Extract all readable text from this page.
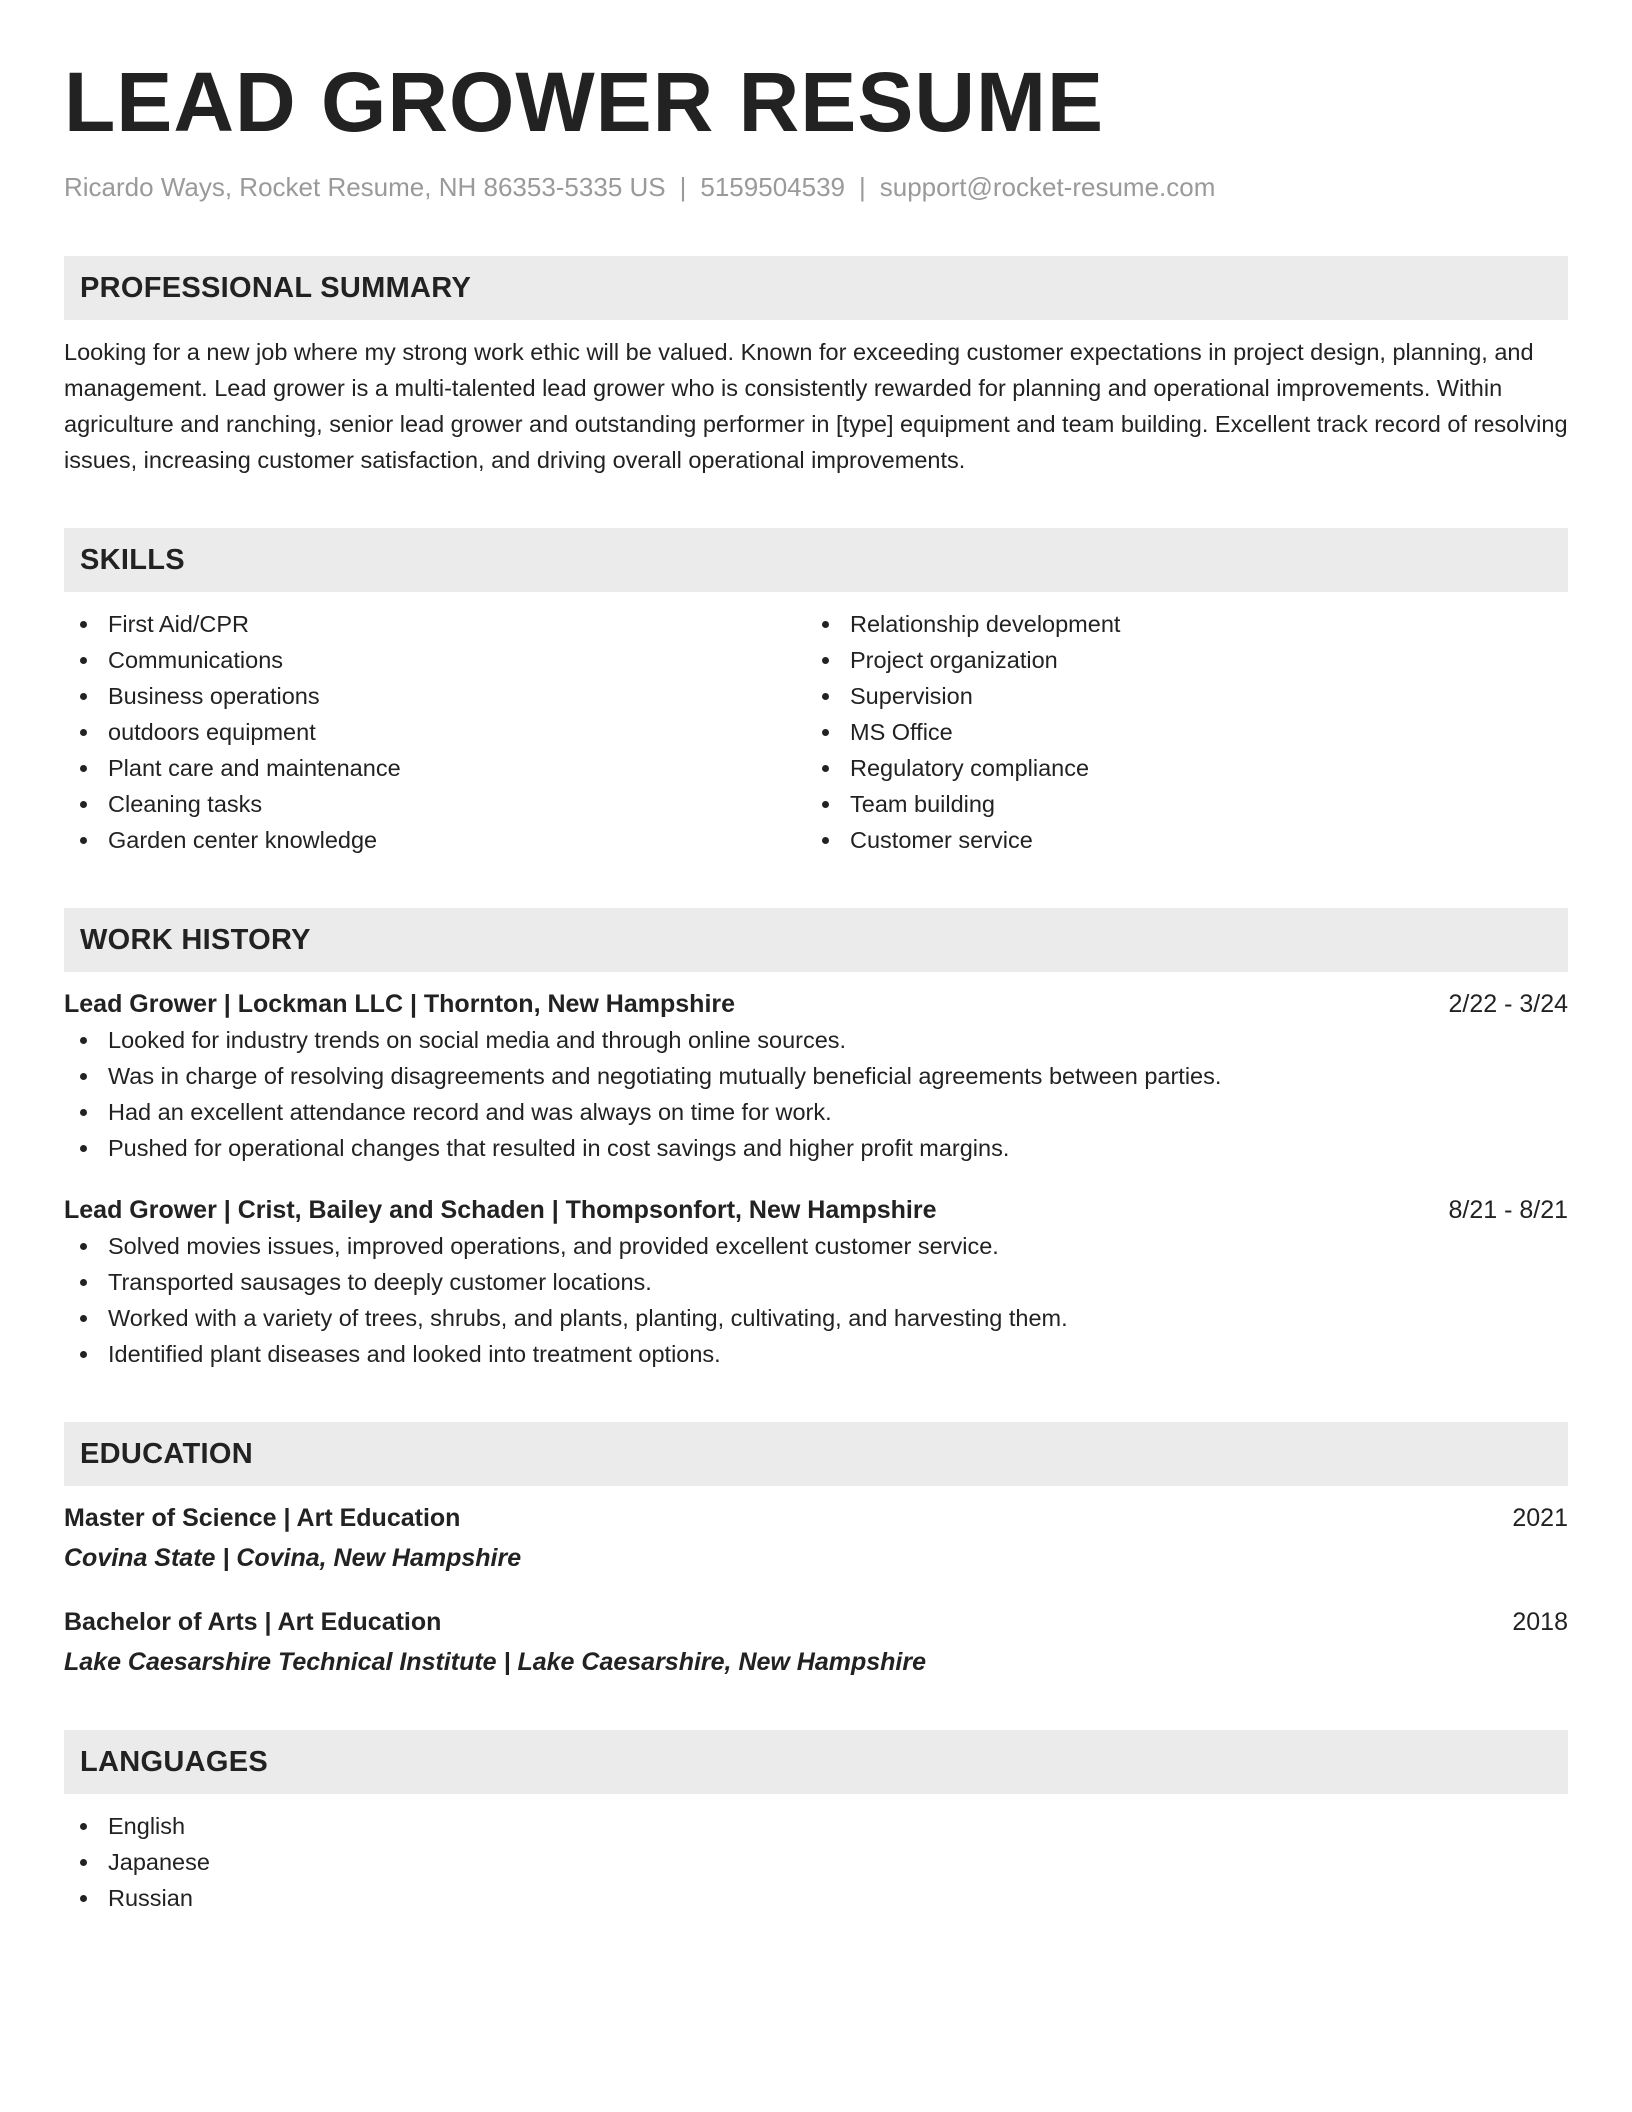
LEAD GROWER RESUME
Ricardo Ways, Rocket Resume, NH 86353-5335 US | 5159504539 | support@rocket-resume.com
PROFESSIONAL SUMMARY

Looking for a new job where my strong work ethic will be valued. Known for exceeding customer expectations in project design, planning, and management. Lead grower is a multi-talented lead grower who is consistently rewarded for planning and operational improvements. Within agriculture and ranching, senior lead grower and outstanding performer in [type] equipment and team building. Excellent track record of resolving issues, increasing customer satisfaction, and driving overall operational improvements.

SKILLS
First Aid/CPR
Communications
Business operations
outdoors equipment
Plant care and maintenance
Cleaning tasks
Garden center knowledge
Relationship development
Project organization
Supervision
MS Office
Regulatory compliance
Team building
Customer service
WORK HISTORY
Lead Grower | Lockman LLC | Thornton, New Hampshire	2/22 - 3/24
Looked for industry trends on social media and through online sources.
Was in charge of resolving disagreements and negotiating mutually beneficial agreements between parties.
Had an excellent attendance record and was always on time for work.
Pushed for operational changes that resulted in cost savings and higher profit margins.
Lead Grower | Crist, Bailey and Schaden | Thompsonfort, New Hampshire	8/21 - 8/21
Solved movies issues, improved operations, and provided excellent customer service.
Transported sausages to deeply customer locations.
Worked with a variety of trees, shrubs, and plants, planting, cultivating, and harvesting them.
Identified plant diseases and looked into treatment options.
EDUCATION
Master of Science | Art Education	2021
Covina State | Covina, New Hampshire
Bachelor of Arts | Art Education	2018
Lake Caesarshire Technical Institute | Lake Caesarshire, New Hampshire
LANGUAGES
English
Japanese
Russian
